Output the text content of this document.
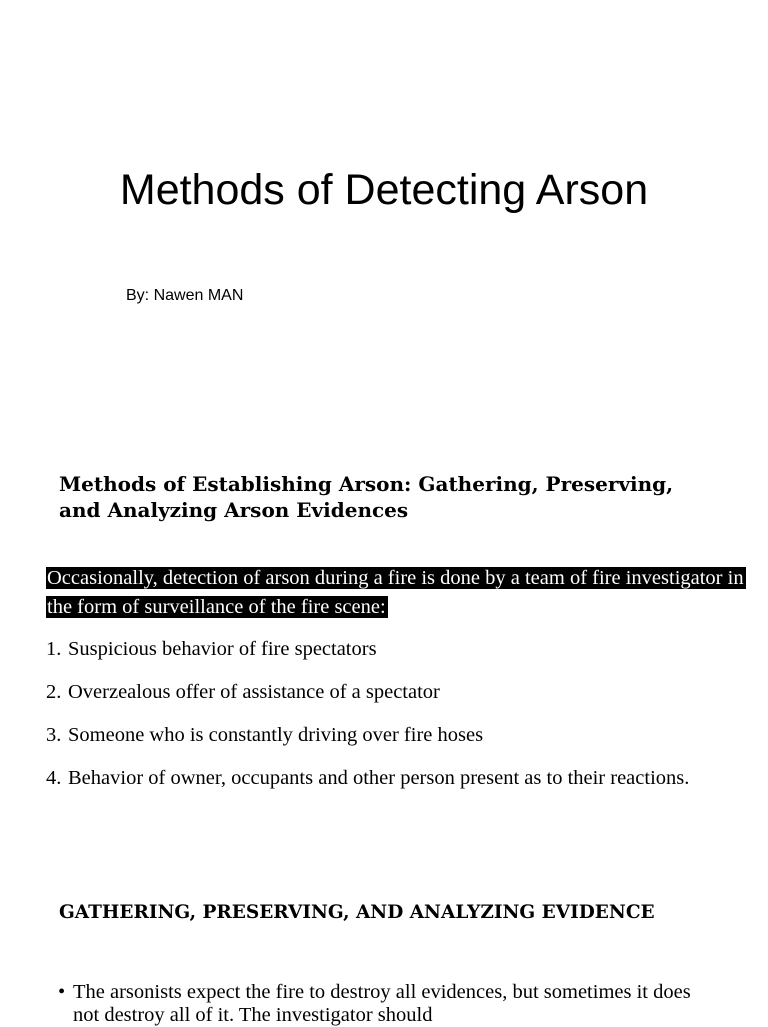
Methods of Detecting Arson
By: Nawen MAN
Methods of Establishing Arson: Gathering, Preserving, and Analyzing Arson Evidences

Occasionally, detection of arson during a fire is done by a team of fire investigator in the form of surveillance of the fire scene:

1. Suspicious behavior of fire spectators
2. Overzealous offer of assistance of a spectator
3. Someone who is constantly driving over fire hoses
4. Behavior of owner, occupants and other person present as to their reactions.
GATHERING, PRESERVING, AND ANALYZING EVIDENCE
• The arsonists expect the fire to destroy all evidences, but sometimes it does not destroy all of it. The investigator should
